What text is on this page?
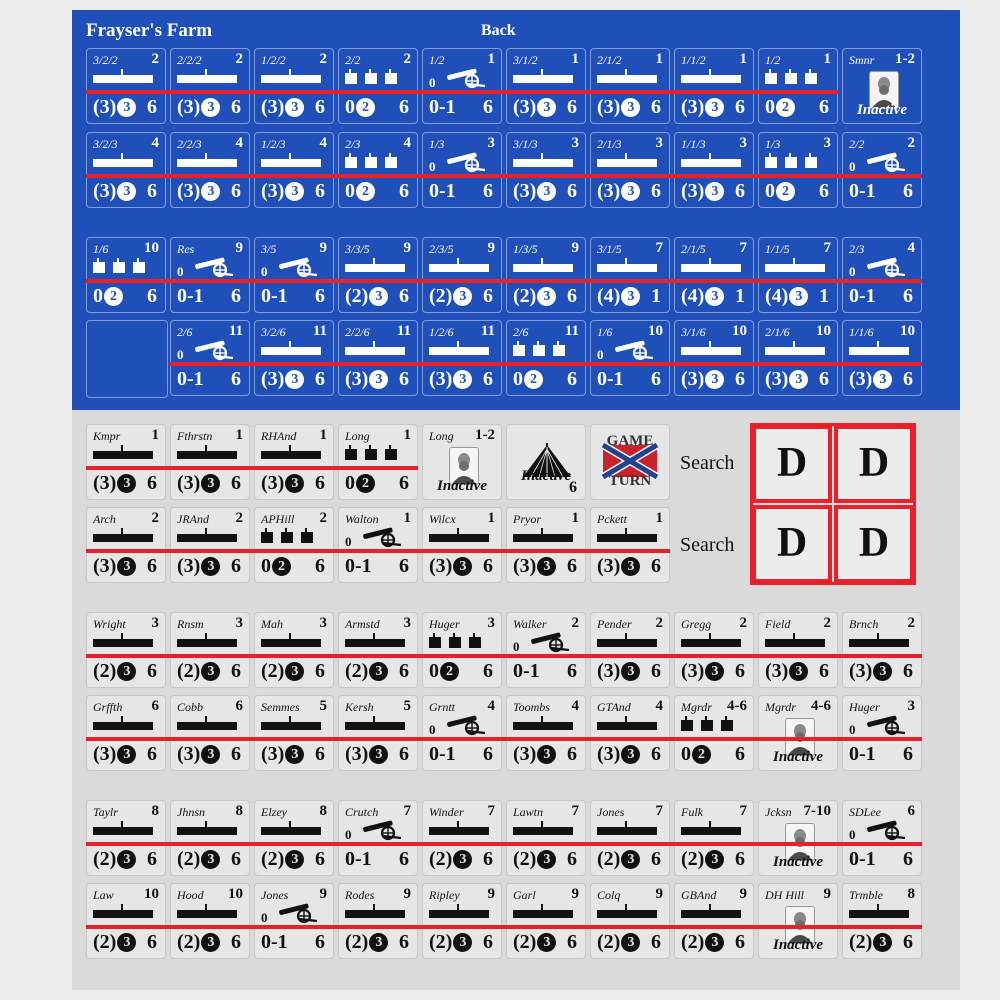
Frayser's Farm	Back
3/2/2 2
(3) 3 6
2/2/2 2
(3) 3 6
1/2/2 2
(3) 3 6
2/2	2
0 2	6
1/2	1
0
0-1 6
3/1/2 1
(3) 3 6
2/1/2 1
(3) 3 6
1/1/2 1
(3) 3 6
1/2	1
0 2	6
Smnr 1-2
Inactive
3/2/3 4
(3) 3 6
2/2/3 4
(3) 3 6
1/2/3 4
(3) 3 6
2/3	4
0 2	6
1/3	3
0
0-1 6
3/1/3 3
(3) 3 6
2/1/3 3
(3) 3 6
1/1/3 3
(3) 3 6
1/3	3
0 2	6
2/2	2
0
0-1 6
1/6 10
0 2	6
Res	9
0
0-1 6
3/5	9
0
0-1 6
3/3/5 9
(2) 3 6
2/3/5 9
(2) 3 6
1/3/5 9
(2) 3 6
3/1/5 7
(4) 3 1
2/1/5 7
(4) 3 1
1/1/5 7
(4) 3 1
2/3	4
0
0-1 6
2/6 11
0
0-1 6
3/2/6 11
(3) 3 6
2/2/6 11
(3) 3 6
1/2/6 11
(3) 3 6
2/6 11
0 2	6
1/6 10
0
0-1 6
3/1/6 10
(3) 3 6
2/1/6 10
(3) 3 6
1/1/6 10
(3) 3 6
Kmpr 1
(3) 3 6
Fthrstn 1
(3) 3 6
RHAnd 1
(3) 3 6
Long 1
0 2	6
Long 1-2
Inactive
Inactive
6
GAME
TURN
Arch 2
(3) 3 6
JRAnd 2
(3) 3 6
APHill 2
0 2	6
Walton 1
0
0-1 6
Wilcx 1
(3) 3 6
Pryor 1
(3) 3 6
Pckett 1
(3) 3 6
Wright 3
(2) 3 6
Rnsm 3
(2) 3 6
Mah 3
(2) 3 6
Armstd 3
(2) 3 6
Huger 3
0 2	6
Walker 2
0
0-1 6
Pender 2
(3) 3 6
Gregg 2
(3) 3 6
Field 2
(3) 3 6
Brnch 2
(3) 3 6
Grffth 6
(3) 3 6
Cobb 6
(3) 3 6
Semmes 5
(3) 3 6
Kersh 5
(3) 3 6
Grntt 4
0
0-1 6
Toombs 4
(3) 3 6
GTAnd 4
(3) 3 6
Mgrdr 4-6
0 2	6
Mgrdr 4-6
Inactive
Huger 3
0
0-1 6
Taylr 8
(2) 3 6
Jhnsn 8
(2) 3 6
Elzey 8
(2) 3 6
Crutch 7
0
0-1 6
Winder 7
(2) 3 6
Lawtn 7
(2) 3 6
Jones 7
(2) 3 6
Fulk 7
(2) 3 6
Jcksn 7-10
Inactive
SDLee 6
0
0-1 6
Law 10
(2) 3 6
Hood 10
(2) 3 6
Jones 9
0
0-1 6
Rodes 9
(2) 3 6
Ripley 9
(2) 3 6
Garl 9
(2) 3 6
Colq 9
(2) 3 6
GBAnd 9
(2) 3 6
DH Hill 9
Inactive
Trmble 8
(2) 3 6
Search
Search
D	D
D	D
